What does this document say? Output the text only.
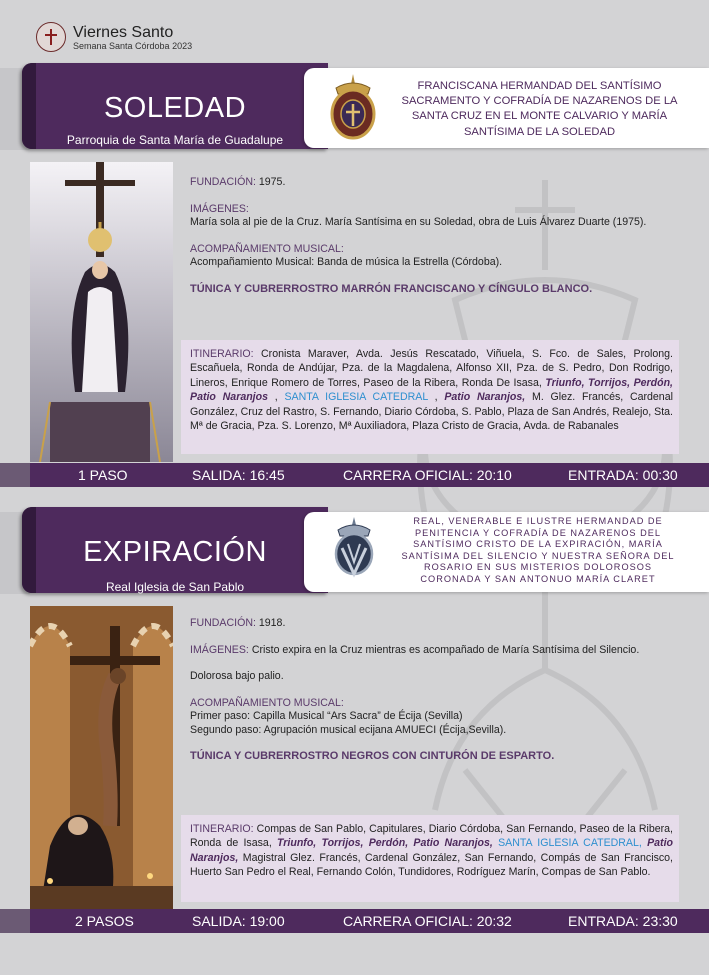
Viernes Santo
Semana Santa Córdoba 2023
SOLEDAD
Parroquia de Santa María de Guadalupe
FRANCISCANA HERMANDAD DEL SANTÍSIMO SACRAMENTO Y COFRADÍA DE NAZARENOS DE LA SANTA CRUZ EN EL MONTE CALVARIO Y MARÍA SANTÍSIMA DE LA SOLEDAD
FUNDACIÓN: 1975.
IMÁGENES:
María sola al pie de la Cruz. María Santísima en su Soledad, obra de Luis Álvarez Duarte (1975).
ACOMPAÑAMIENTO MUSICAL:
Acompañamiento Musical: Banda de música la Estrella (Córdoba).
TÚNICA Y CUBRERROSTRO MARRÓN FRANCISCANO Y CÍNGULO BLANCO.
ITINERARIO: Cronista Maraver, Avda. Jesús Rescatado, Viñuela, S. Fco. de Sales, Prolong. Escañuela, Ronda de Andújar, Pza. de la Magdalena, Alfonso XII, Pza. de S. Pedro, Don Rodrigo, Lineros, Enrique Romero de Torres, Paseo de la Ribera, Ronda De Isasa, Triunfo, Torrijos, Perdón, Patio Naranjos , SANTA IGLESIA CATEDRAL , Patio Naranjos, M. Glez. Francés, Cardenal González, Cruz del Rastro, S. Fernando, Diario Córdoba, S. Pablo, Plaza de San Andrés, Realejo, Sta. Mª de Gracia, Pza. S. Lorenzo, Mª Auxiliadora, Plaza Cristo de Gracia, Avda. de Rabanales
1 PASO	SALIDA: 16:45	CARRERA OFICIAL: 20:10	ENTRADA: 00:30
EXPIRACIÓN
Real Iglesia de San Pablo
REAL, VENERABLE E ILUSTRE HERMANDAD DE PENITENCIA Y COFRADÍA DE NAZARENOS DEL SANTÍSIMO CRISTO DE LA EXPIRACIÓN, MARÍA SANTÍSIMA DEL SILENCIO Y NUESTRA SEÑORA DEL ROSARIO EN SUS MISTERIOS DOLOROSOS CORONADA Y SAN ANTONUO MARÍA CLARET
FUNDACIÓN: 1918.
IMÁGENES: Cristo expira en la Cruz mientras es acompañado de María Santísima del Silencio.
Dolorosa bajo palio.
ACOMPAÑAMIENTO MUSICAL:
Primer paso: Capilla Musical “Ars Sacra” de Écija (Sevilla)
Segundo paso: Agrupación musical ecijana AMUECI (Écija,Sevilla).
TÚNICA Y CUBRERROSTRO NEGROS CON CINTURÓN DE ESPARTO.
ITINERARIO: Compas de San Pablo, Capitulares, Diario Córdoba, San Fernando, Paseo de la Ribera, Ronda de Isasa, Triunfo, Torrijos, Perdón, Patio Naranjos, SANTA IGLESIA CATEDRAL, Patio Naranjos, Magistral Glez. Francés, Cardenal González, San Fernando, Compás de San Francisco, Huerto San Pedro el Real, Fernando Colón, Tundidores, Rodríguez Marín, Compas de San Pablo.
2 PASOS	SALIDA: 19:00	CARRERA OFICIAL: 20:32	ENTRADA: 23:30
